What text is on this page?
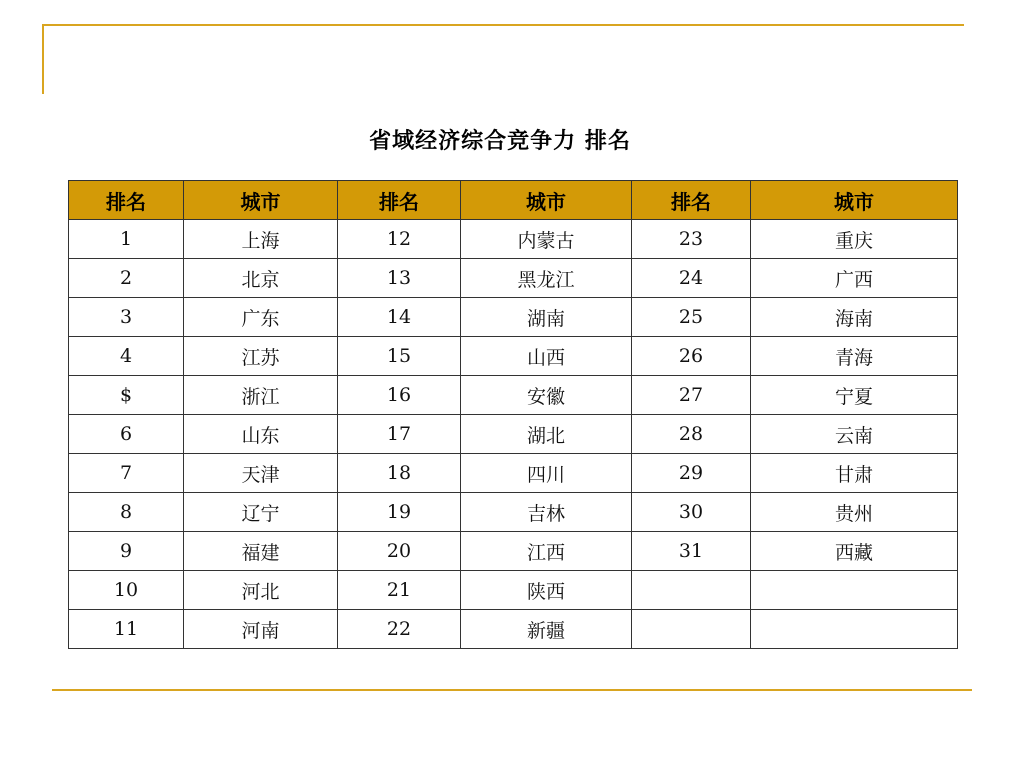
省域经济综合竞争力 排名
排名	城市	排名	城市	排名	城市
1	上海	12	内蒙古	23	重庆
2	北京	13	黑龙江	24	广西
3	广东	14	湖南	25	海南
4	江苏	15	山西	26	青海
$	浙江	16	安徽	27	宁夏
6	山东	17	湖北	28	云南
7	天津	18	四川	29	甘肃
8	辽宁	19	吉林	30	贵州
9	福建	20	江西	31	西藏
10	河北	21	陕西		
11	河南	22	新疆		
